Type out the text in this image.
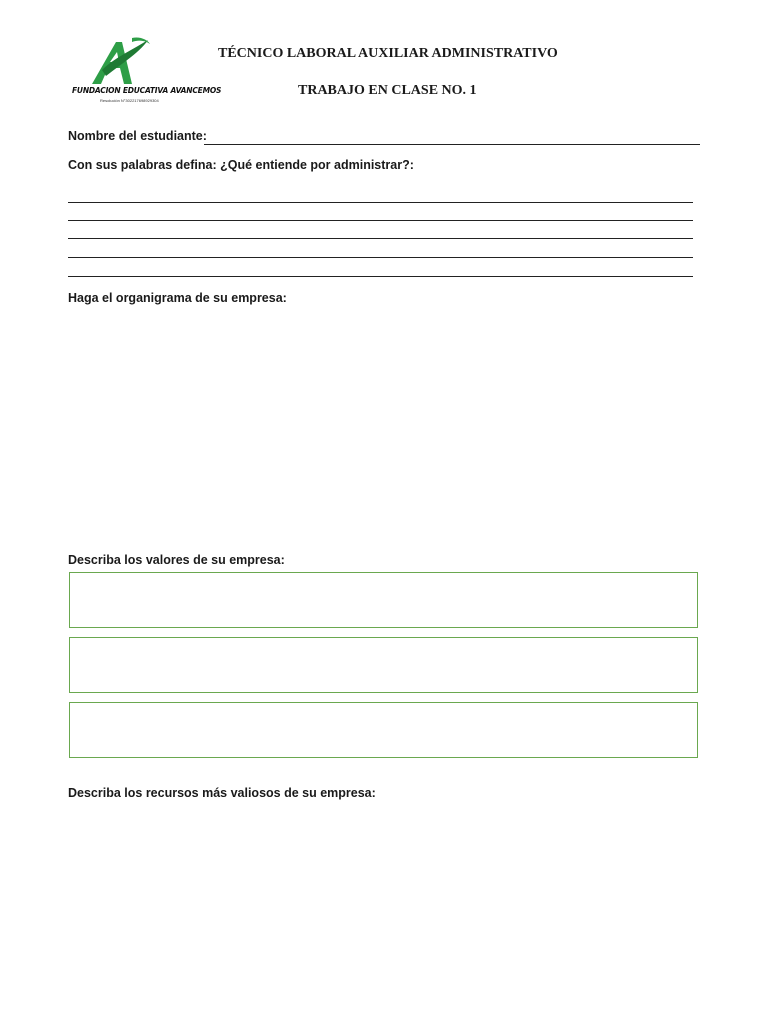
FUNDACION EDUCATIVA AVANCEMOS
Resolución N°302217698929304
TÉCNICO LABORAL AUXILIAR ADMINISTRATIVO
TRABAJO EN CLASE NO. 1
Nombre del estudiante:
Con sus palabras defina: ¿Qué entiende por administrar?:
Haga el organigrama de su empresa:
Describa los valores de su empresa:
Describa los recursos más valiosos de su empresa:
